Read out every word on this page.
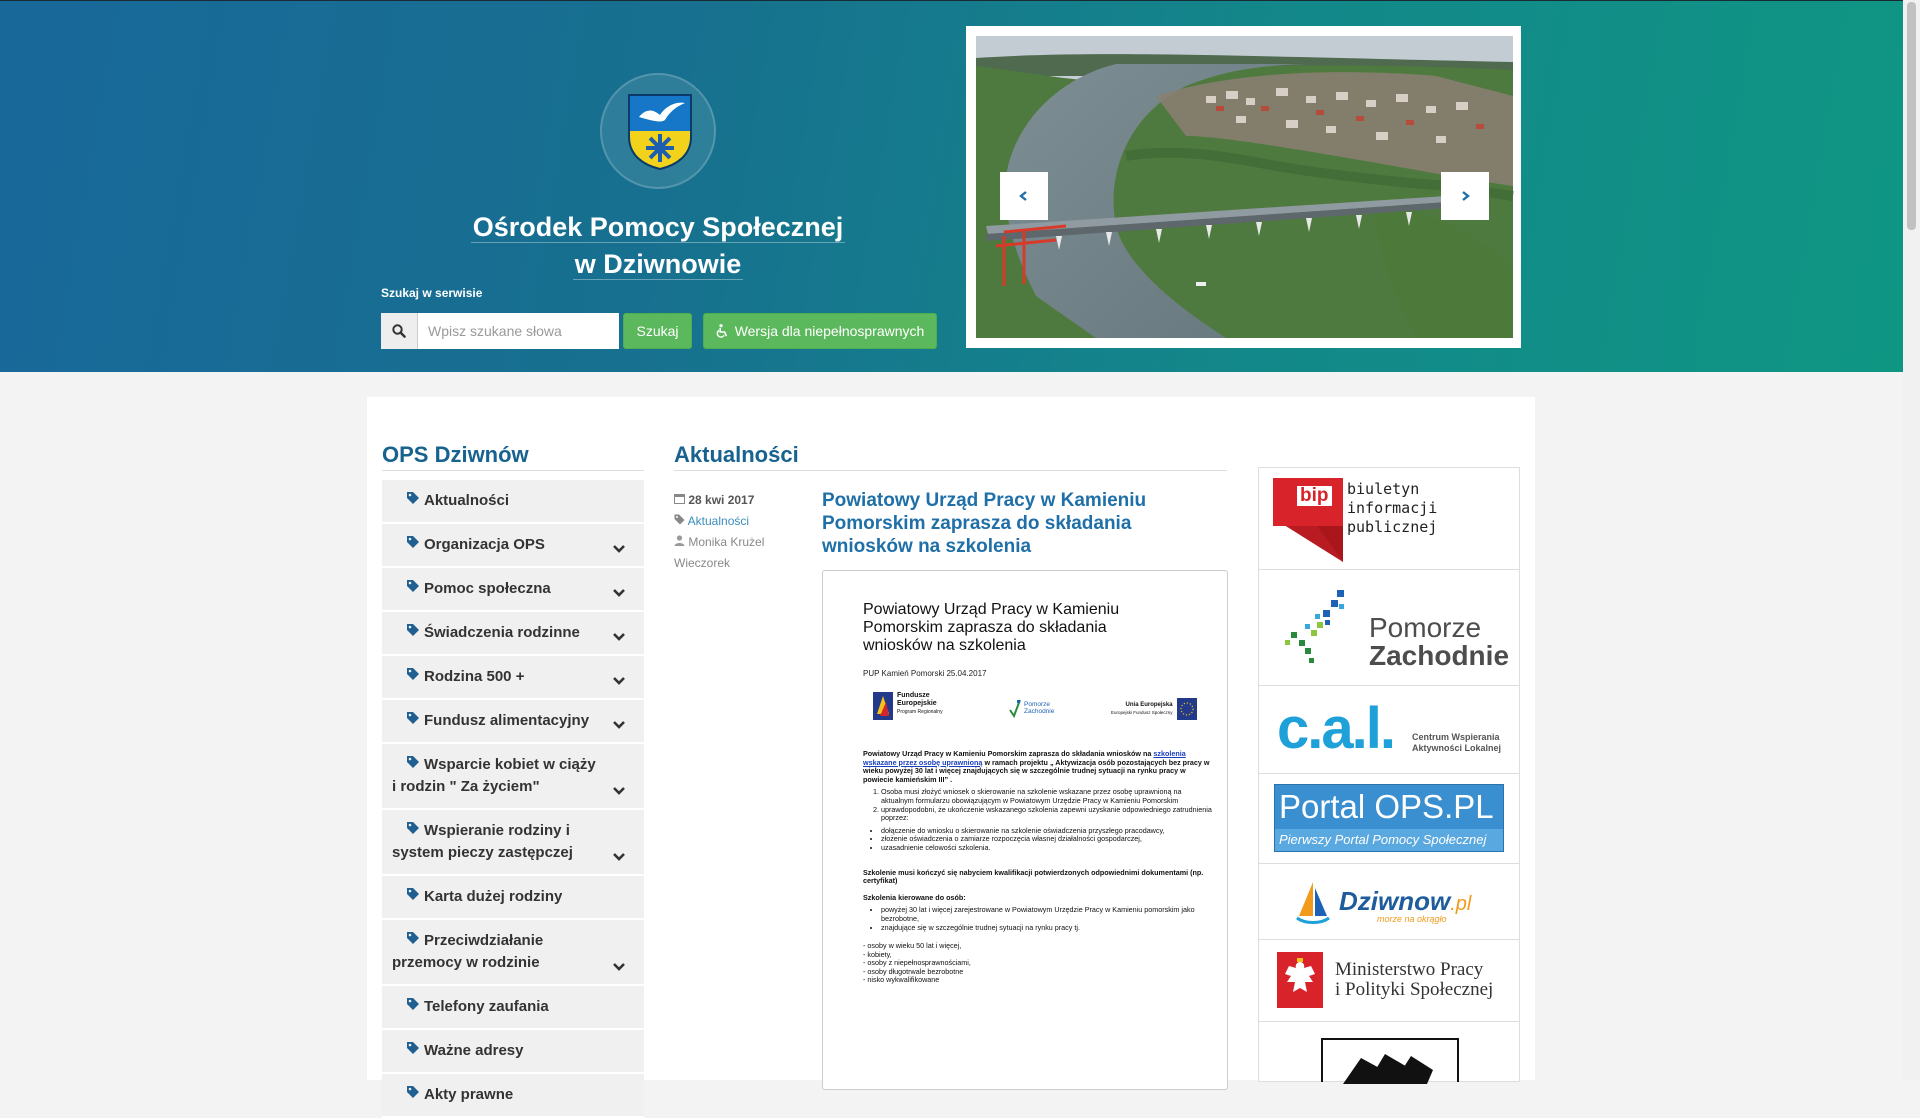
Ośrodek Pomocy Społecznej
w Dziwnowie
Szukaj w serwisie
Wpisz szukane słowa
Szukaj	Wersja dla niepełnosprawnych
OPS Dziwnów
Aktualności
Organizacja OPS
Pomoc społeczna
Świadczenia rodzinne
Rodzina 500 +
Fundusz alimentacyjny
Wsparcie kobiet w ciąży i rodzin " Za życiem"
Wspieranie rodziny i system pieczy zastępczej
Karta dużej rodziny
Przeciwdziałanie przemocy w rodzinie
Telefony zaufania
Ważne adresy
Akty prawne
Aktualności
28 kwi 2017
Aktualności
Monika Krużel Wieczorek
Powiatowy Urząd Pracy w Kamieniu Pomorskim zaprasza do składania wniosków na szkolenia
Powiatowy Urząd Pracy w Kamieniu Pomorskim zaprasza do składania wniosków na szkolenia
PUP Kamień Pomorski 25.04.2017
Fundusze
Europejskie
Program Regionalny
Pomorze
Zachodnie
Unia Europejska
Europejski Fundusz Społeczny
Powiatowy Urząd Pracy w Kamieniu Pomorskim zaprasza do składania wniosków na szkolenia wskazane przez osobę uprawnioną w ramach projektu „ Aktywizacja osób pozostających bez pracy w wieku powyżej 30 lat i więcej znajdujących się w szczególnie trudnej sytuacji na rynku pracy w powiecie kamieńskim III” .
1. Osoba musi złożyć wniosek o skierowanie na szkolenie wskazane przez osobę uprawnioną na aktualnym formularzu obowiązującym w Powiatowym Urzędzie Pracy w Kamieniu Pomorskim
2. uprawdopodobni, że ukończenie wskazanego szkolenia zapewni uzyskanie odpowiedniego zatrudnienia poprzez:
• dołączenie do wniosku o skierowanie na szkolenie oświadczenia przyszłego pracodawcy,
• złożenie oświadczenia o zamiarze rozpoczęcia własnej działalności gospodarczej,
• uzasadnienie celowości szkolenia.

Szkolenie musi kończyć się nabyciem kwalifikacji potwierdzonych odpowiednimi dokumentami (np. certyfikat)

Szkolenia kierowane do osób:

• powyżej 30 lat i więcej zarejestrowane w Powiatowym Urzędzie Pracy w Kamieniu pomorskim jako bezrobotne,
• znajdujące się w szczególnie trudnej sytuacji na rynku pracy tj.

- osoby w wieku 50 lat i więcej,
- kobiety,
- osoby z niepełnosprawnościami,
- osoby długotrwale bezrobotne
- nisko wykwalifikowane

bip biuletyn
informacji publicznej
Pomorze
Zachodnie
c.a.l. Centrum Wspierania
Aktywności Lokalnej
Portal OPS.PL
Pierwszy Portal Pomocy Społecznej
Dziwnow.pl
morze na okrągło
Ministerstwo Pracy
i Polityki Społecznej
